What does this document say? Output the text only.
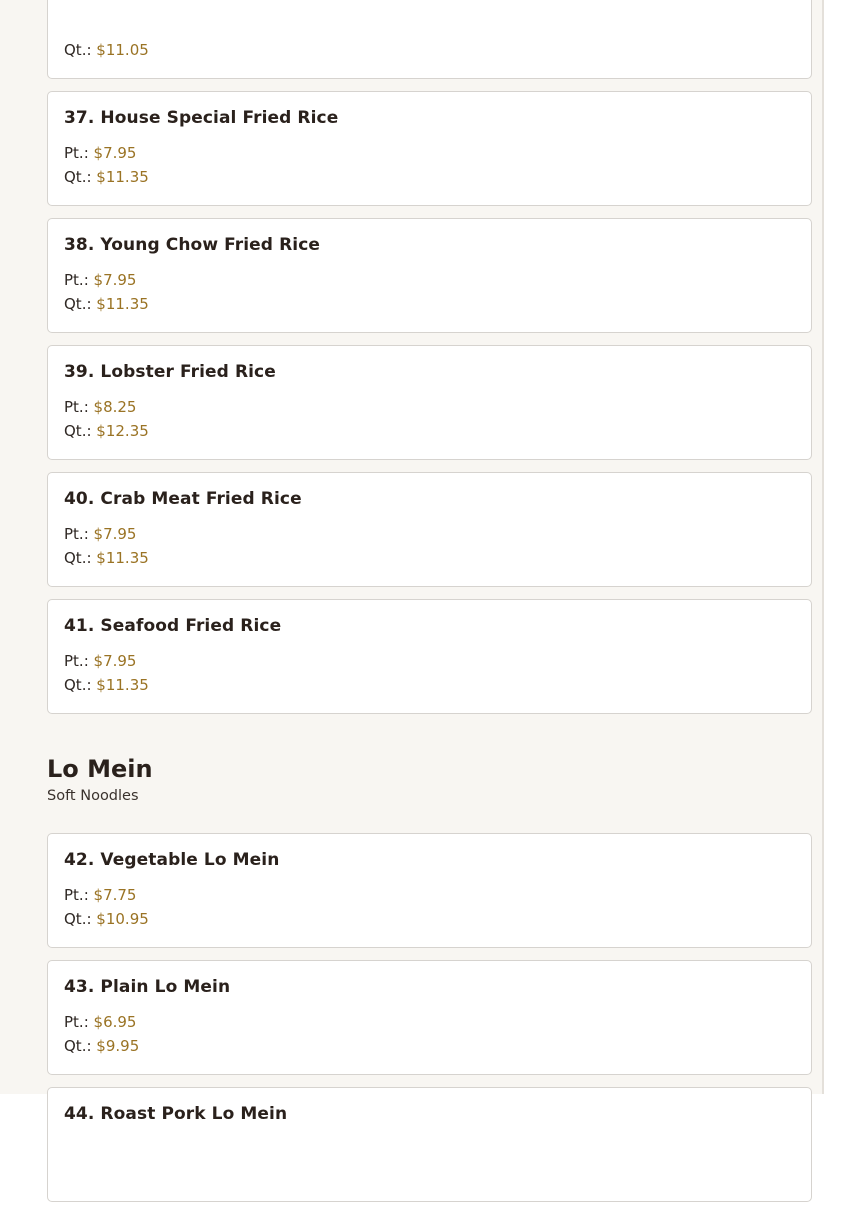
Qt.: $11.05
37. House Special Fried Rice
Pt.: $7.95
Qt.: $11.35
38. Young Chow Fried Rice
Pt.: $7.95
Qt.: $11.35
39. Lobster Fried Rice
Pt.: $8.25
Qt.: $12.35
40. Crab Meat Fried Rice
Pt.: $7.95
Qt.: $11.35
41. Seafood Fried Rice
Pt.: $7.95
Qt.: $11.35
Lo Mein
Soft Noodles
42. Vegetable Lo Mein
Pt.: $7.75
Qt.: $10.95
43. Plain Lo Mein
Pt.: $6.95
Qt.: $9.95
44. Roast Pork Lo Mein
